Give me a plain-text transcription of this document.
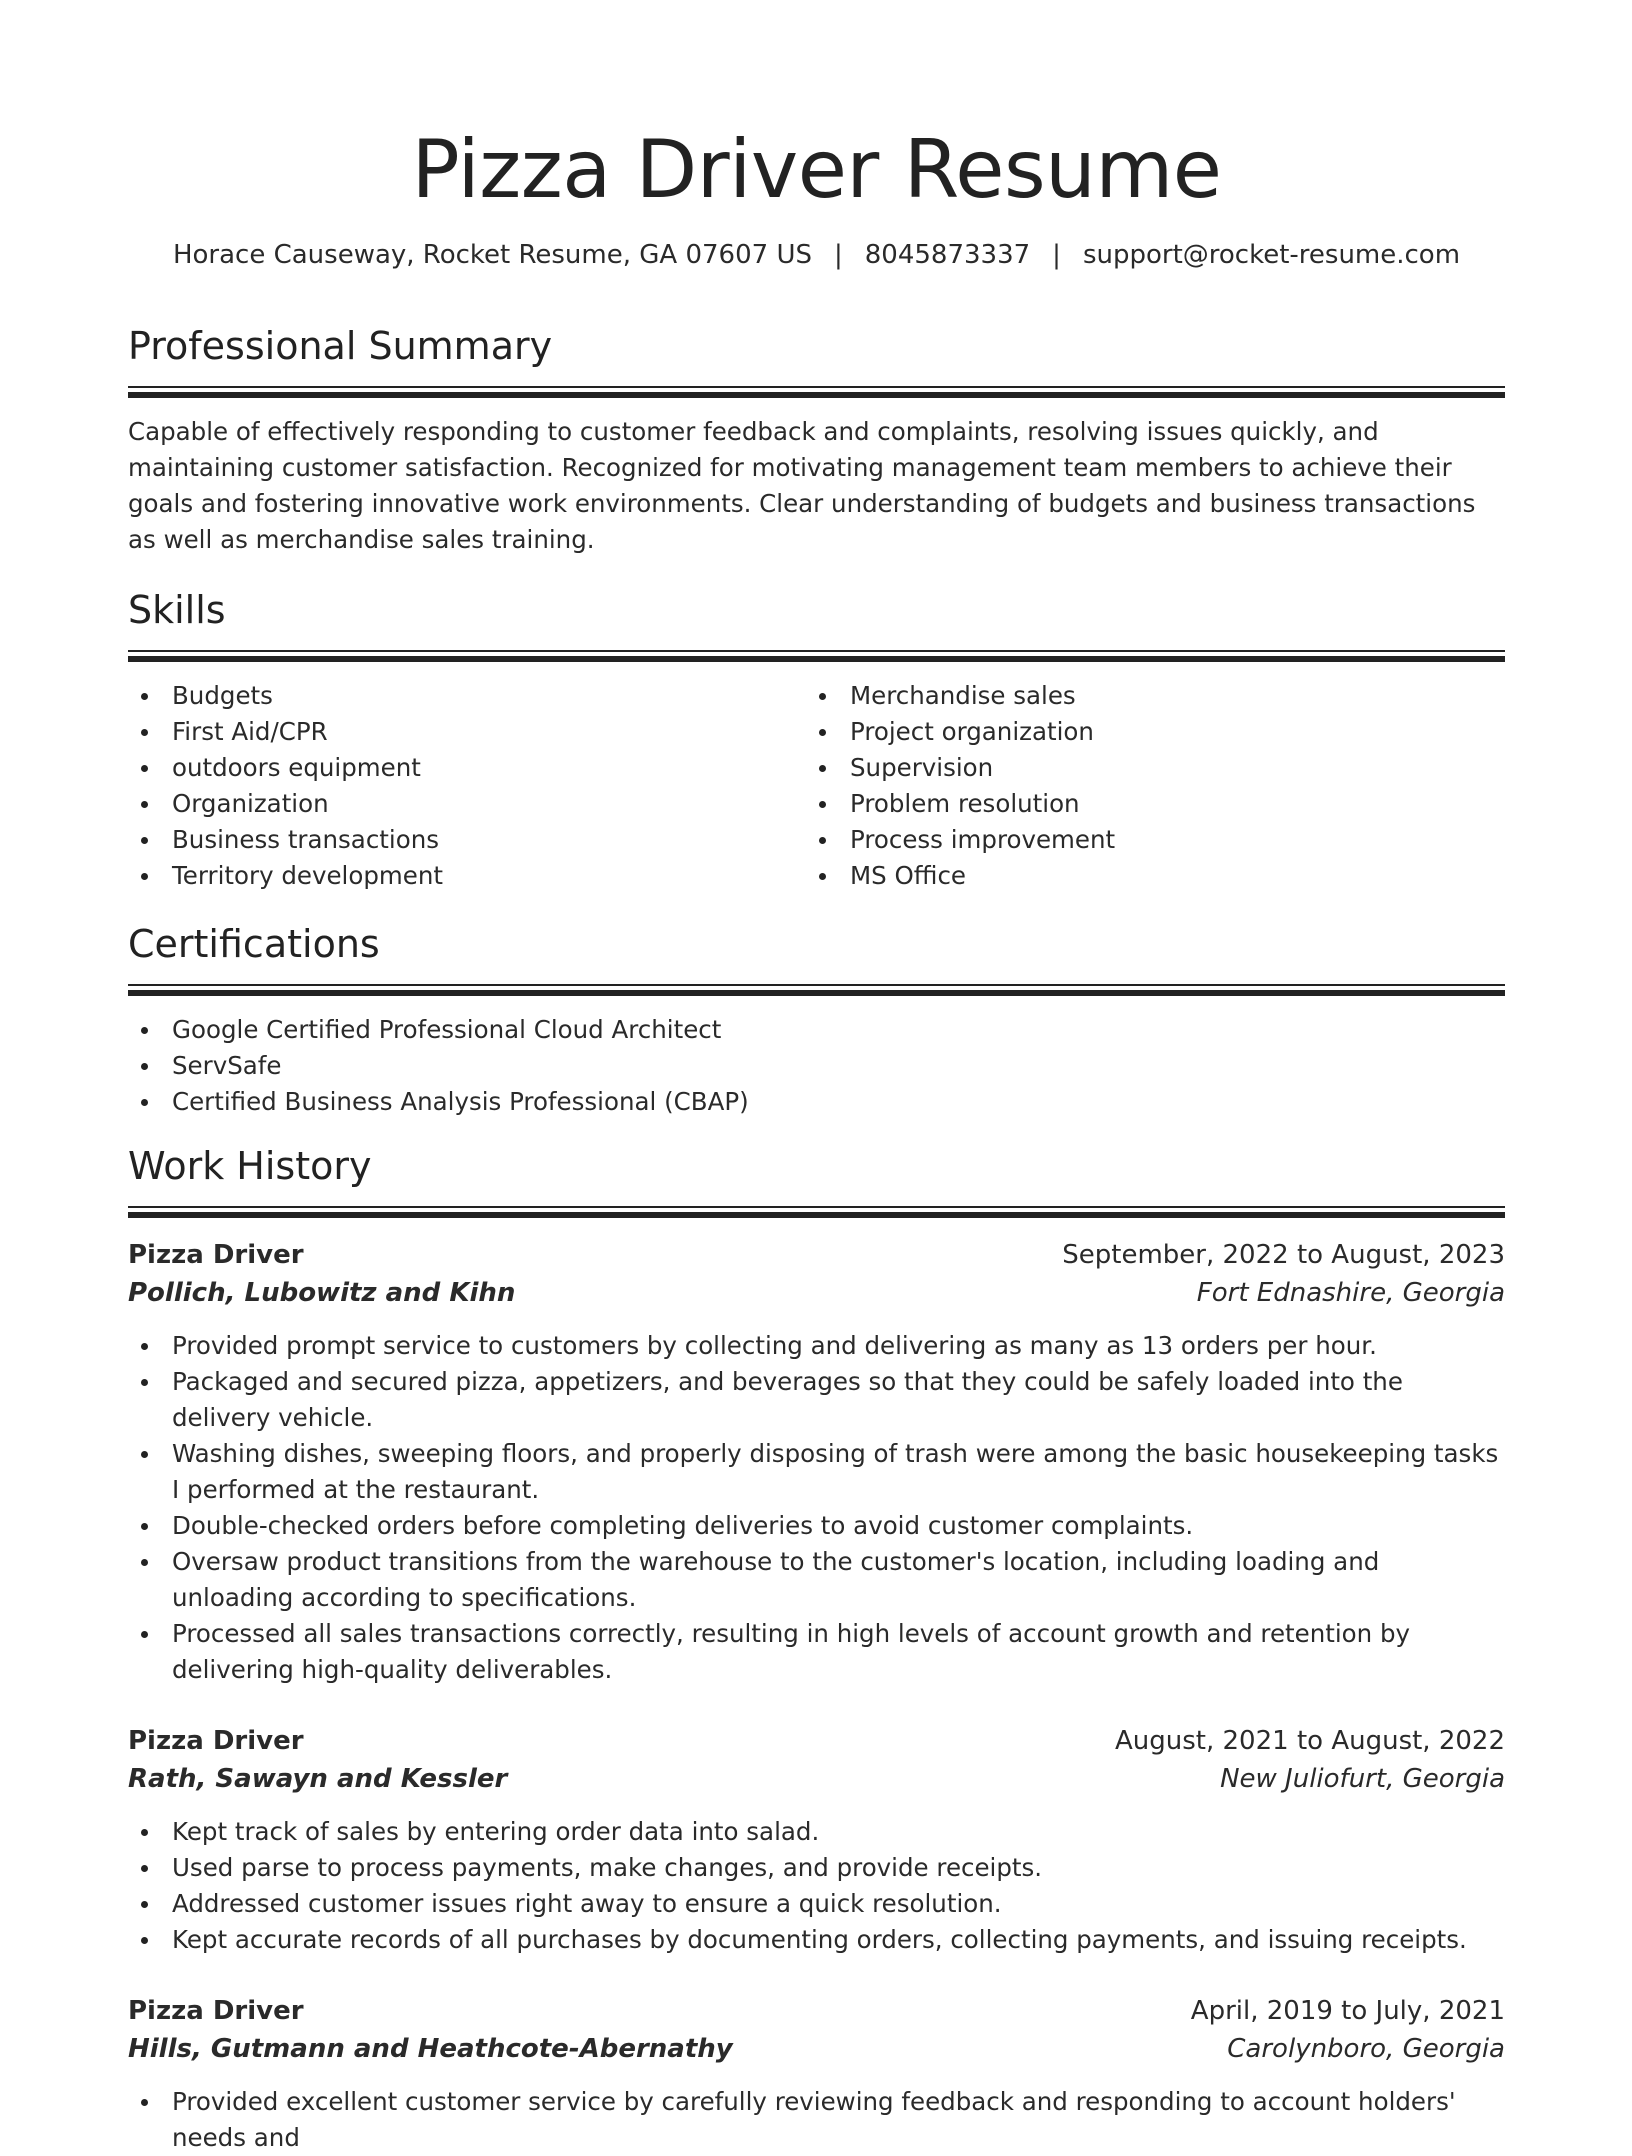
Pizza Driver Resume
Horace Causeway, Rocket Resume, GA 07607 US | 8045873337 | support@rocket-resume.com
Professional Summary
Capable of effectively responding to customer feedback and complaints, resolving issues quickly, and maintaining customer satisfaction. Recognized for motivating management team members to achieve their goals and fostering innovative work environments. Clear understanding of budgets and business transactions as well as merchandise sales training.
Skills
Budgets
First Aid/CPR
outdoors equipment
Organization
Business transactions
Territory development
Merchandise sales
Project organization
Supervision
Problem resolution
Process improvement
MS Office
Certifications
Google Certified Professional Cloud Architect
ServSafe
Certified Business Analysis Professional (CBAP)
Work History
Pizza Driver	September, 2022 to August, 2023
Pollich, Lubowitz and Kihn	Fort Ednashire, Georgia
Provided prompt service to customers by collecting and delivering as many as 13 orders per hour.
Packaged and secured pizza, appetizers, and beverages so that they could be safely loaded into the delivery vehicle.
Washing dishes, sweeping floors, and properly disposing of trash were among the basic housekeeping tasks I performed at the restaurant.
Double-checked orders before completing deliveries to avoid customer complaints.
Oversaw product transitions from the warehouse to the customer's location, including loading and unloading according to specifications.
Processed all sales transactions correctly, resulting in high levels of account growth and retention by delivering high-quality deliverables.
Pizza Driver	August, 2021 to August, 2022
Rath, Sawayn and Kessler	New Juliofurt, Georgia
Kept track of sales by entering order data into salad.
Used parse to process payments, make changes, and provide receipts.
Addressed customer issues right away to ensure a quick resolution.
Kept accurate records of all purchases by documenting orders, collecting payments, and issuing receipts.
Pizza Driver	April, 2019 to July, 2021
Hills, Gutmann and Heathcote-Abernathy	Carolynboro, Georgia
Provided excellent customer service by carefully reviewing feedback and responding to account holders' needs and
